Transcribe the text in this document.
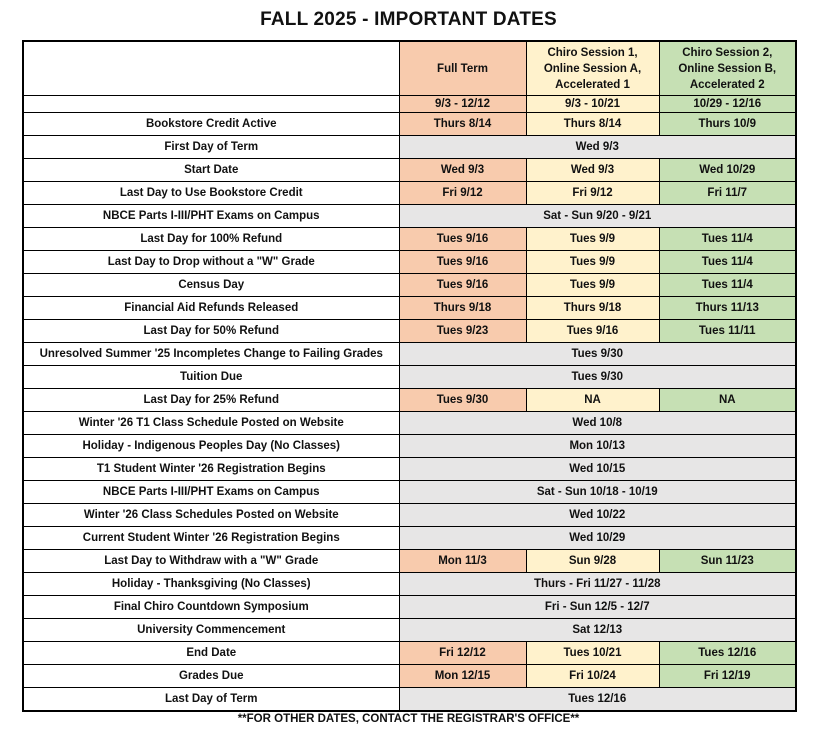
FALL 2025 - IMPORTANT DATES
	Full Term	Chiro Session 1, Online Session A, Accelerated 1	Chiro Session 2, Online Session B, Accelerated 2
	9/3 - 12/12	9/3 - 10/21	10/29 - 12/16
Bookstore Credit Active	Thurs 8/14	Thurs 8/14	Thurs 10/9
First Day of Term	Wed 9/3		
Start Date	Wed 9/3	Wed 9/3	Wed 10/29
Last Day to Use Bookstore Credit	Fri 9/12	Fri 9/12	Fri 11/7
NBCE Parts I-III/PHT Exams on Campus	Sat - Sun 9/20 - 9/21		
Last Day for 100% Refund	Tues 9/16	Tues 9/9	Tues 11/4
Last Day to Drop without a "W" Grade	Tues 9/16	Tues 9/9	Tues 11/4
Census Day	Tues 9/16	Tues 9/9	Tues 11/4
Financial Aid Refunds Released	Thurs 9/18	Thurs 9/18	Thurs 11/13
Last Day for 50% Refund	Tues 9/23	Tues 9/16	Tues 11/11
Unresolved Summer '25 Incompletes Change to Failing Grades	Tues 9/30		
Tuition Due	Tues 9/30		
Last Day for 25% Refund	Tues 9/30	NA	NA
Winter '26 T1 Class Schedule Posted on Website	Wed 10/8		
Holiday - Indigenous Peoples Day (No Classes)	Mon 10/13		
T1 Student Winter '26 Registration Begins	Wed 10/15		
NBCE Parts I-III/PHT Exams on Campus	Sat - Sun 10/18 - 10/19		
Winter '26 Class Schedules Posted on Website	Wed 10/22		
Current Student Winter '26 Registration Begins	Wed 10/29		
Last Day to Withdraw with a "W" Grade	Mon 11/3	Sun 9/28	Sun 11/23
Holiday - Thanksgiving (No Classes)	Thurs - Fri 11/27 - 11/28		
Final Chiro Countdown Symposium	Fri - Sun 12/5 - 12/7		
University Commencement	Sat 12/13		
End Date	Fri 12/12	Tues 10/21	Tues 12/16
Grades Due	Mon 12/15	Fri 10/24	Fri 12/19
Last Day of Term	Tues 12/16		
**FOR OTHER DATES, CONTACT THE REGISTRAR'S OFFICE**
